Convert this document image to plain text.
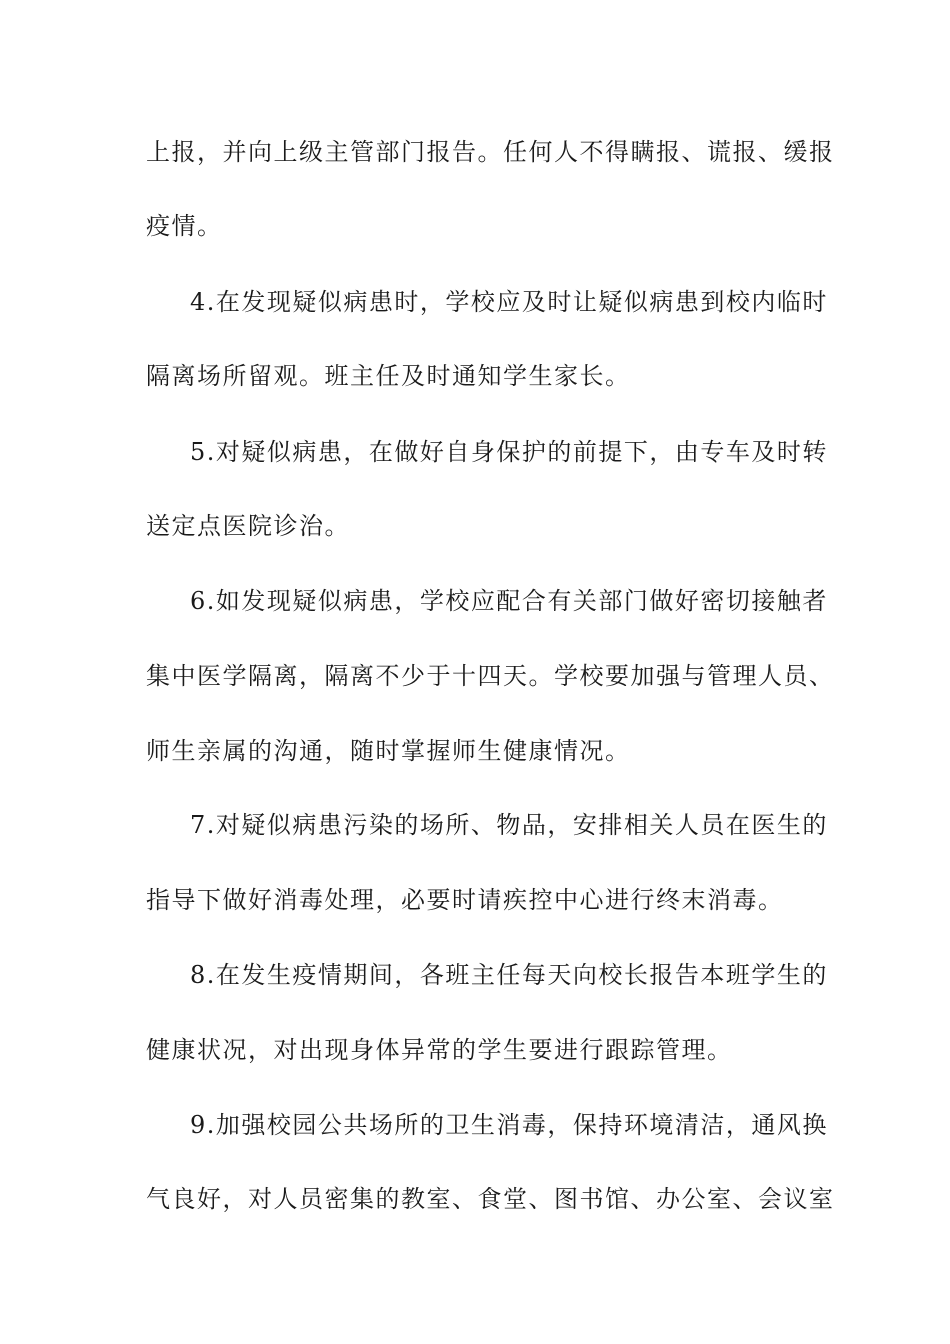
上报，并向上级主管部门报告。任何人不得瞒报、谎报、缓报
疫情。
4.在发现疑似病患时，学校应及时让疑似病患到校内临时
隔离场所留观。班主任及时通知学生家长。
5.对疑似病患，在做好自身保护的前提下，由专车及时转
送定点医院诊治。
6.如发现疑似病患，学校应配合有关部门做好密切接触者
集中医学隔离，隔离不少于十四天。学校要加强与管理人员、
师生亲属的沟通，随时掌握师生健康情况。
7.对疑似病患污染的场所、物品，安排相关人员在医生的
指导下做好消毒处理，必要时请疾控中心进行终末消毒。
8.在发生疫情期间，各班主任每天向校长报告本班学生的
健康状况，对出现身体异常的学生要进行跟踪管理。
9.加强校园公共场所的卫生消毒，保持环境清洁，通风换
气良好，对人员密集的教室、食堂、图书馆、办公室、会议室
